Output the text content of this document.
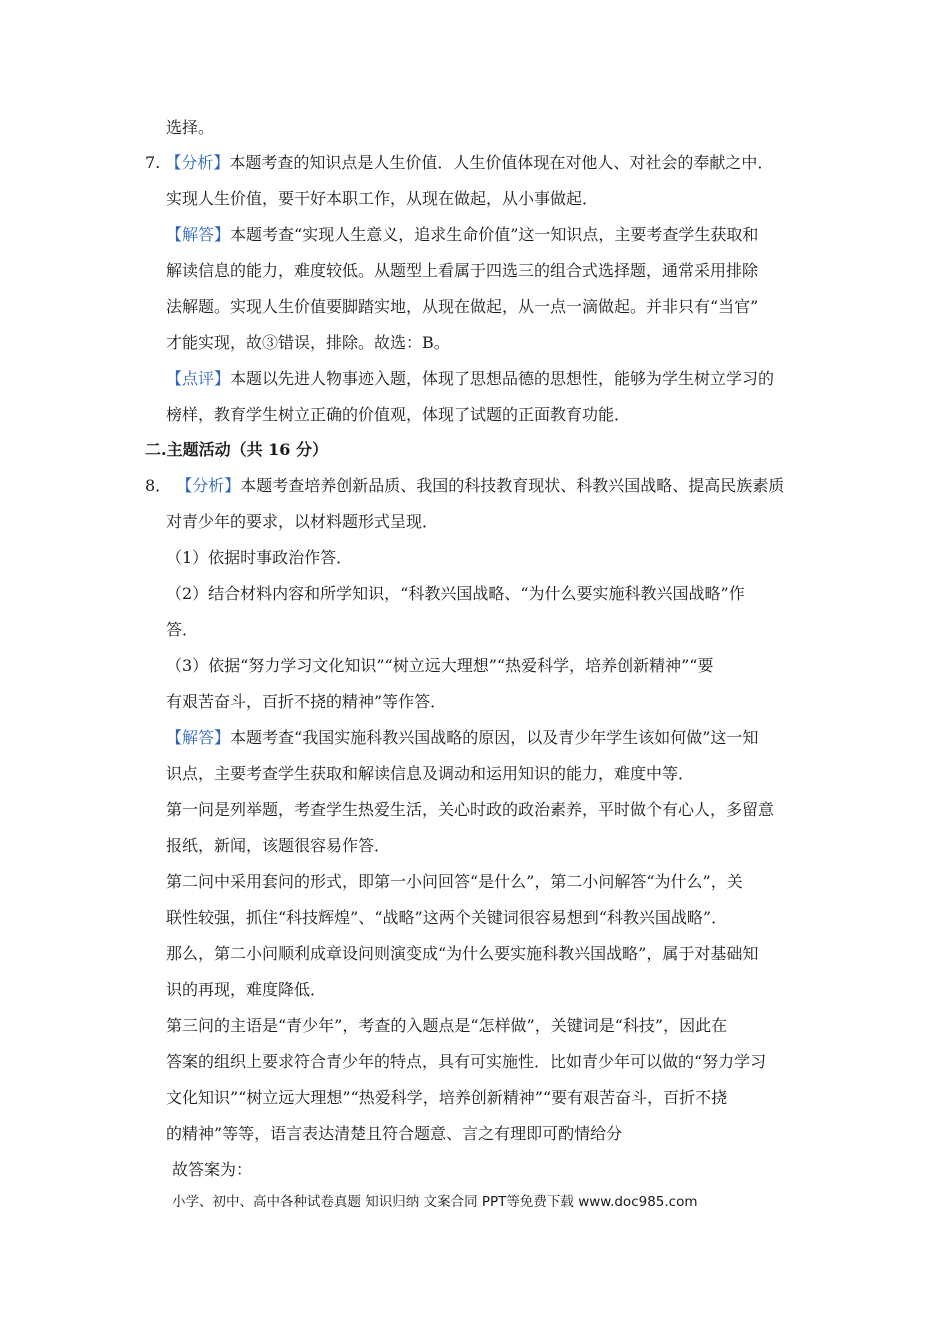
选择。
7. 【分析】本题考查的知识点是人生价值．人生价值体现在对他人、对社会的奉献之中．
实现人生价值，要干好本职工作，从现在做起，从小事做起．
【解答】本题考查“实现人生意义，追求生命价值”这一知识点，主要考查学生获取和
解读信息的能力，难度较低。从题型上看属于四选三的组合式选择题，通常采用排除
法解题。实现人生价值要脚踏实地，从现在做起，从一点一滴做起。并非只有“当官”
才能实现，故③错误，排除。故选：B。
【点评】本题以先进人物事迹入题，体现了思想品德的思想性，能够为学生树立学习的
榜样，教育学生树立正确的价值观，体现了试题的正面教育功能．
二.主题活动（共 16 分）
8． 【分析】本题考查培养创新品质、我国的科技教育现状、科教兴国战略、提高民族素质
对青少年的要求，以材料题形式呈现．
（1）依据时事政治作答．
（2）结合材料内容和所学知识，“科教兴国战略、“为什么要实施科教兴国战略”作
答．
（3）依据“努力学习文化知识”“树立远大理想”“热爱科学，培养创新精神”“要
有艰苦奋斗，百折不挠的精神”等作答．
【解答】本题考查“我国实施科教兴国战略的原因，以及青少年学生该如何做”这一知
识点，主要考查学生获取和解读信息及调动和运用知识的能力，难度中等．
第一问是列举题，考查学生热爱生活，关心时政的政治素养，平时做个有心人，多留意
报纸，新闻，该题很容易作答．
第二问中采用套问的形式，即第一小问回答“是什么”，第二小问解答“为什么”，关
联性较强，抓住“科技辉煌”、“战略”这两个关键词很容易想到“科教兴国战略”．
那么，第二小问顺利成章设问则演变成“为什么要实施科教兴国战略”，属于对基础知
识的再现，难度降低．
第三问的主语是“青少年”，考查的入题点是“怎样做”，关键词是“科技”，因此在
答案的组织上要求符合青少年的特点，具有可实施性．比如青少年可以做的“努力学习
文化知识”“树立远大理想”“热爱科学，培养创新精神”“要有艰苦奋斗，百折不挠
的精神”等等，语言表达清楚且符合题意、言之有理即可酌情给分
故答案为：
小学、初中、高中各种试卷真题 知识归纳 文案合同 PPT等免费下载 www.doc985.com
